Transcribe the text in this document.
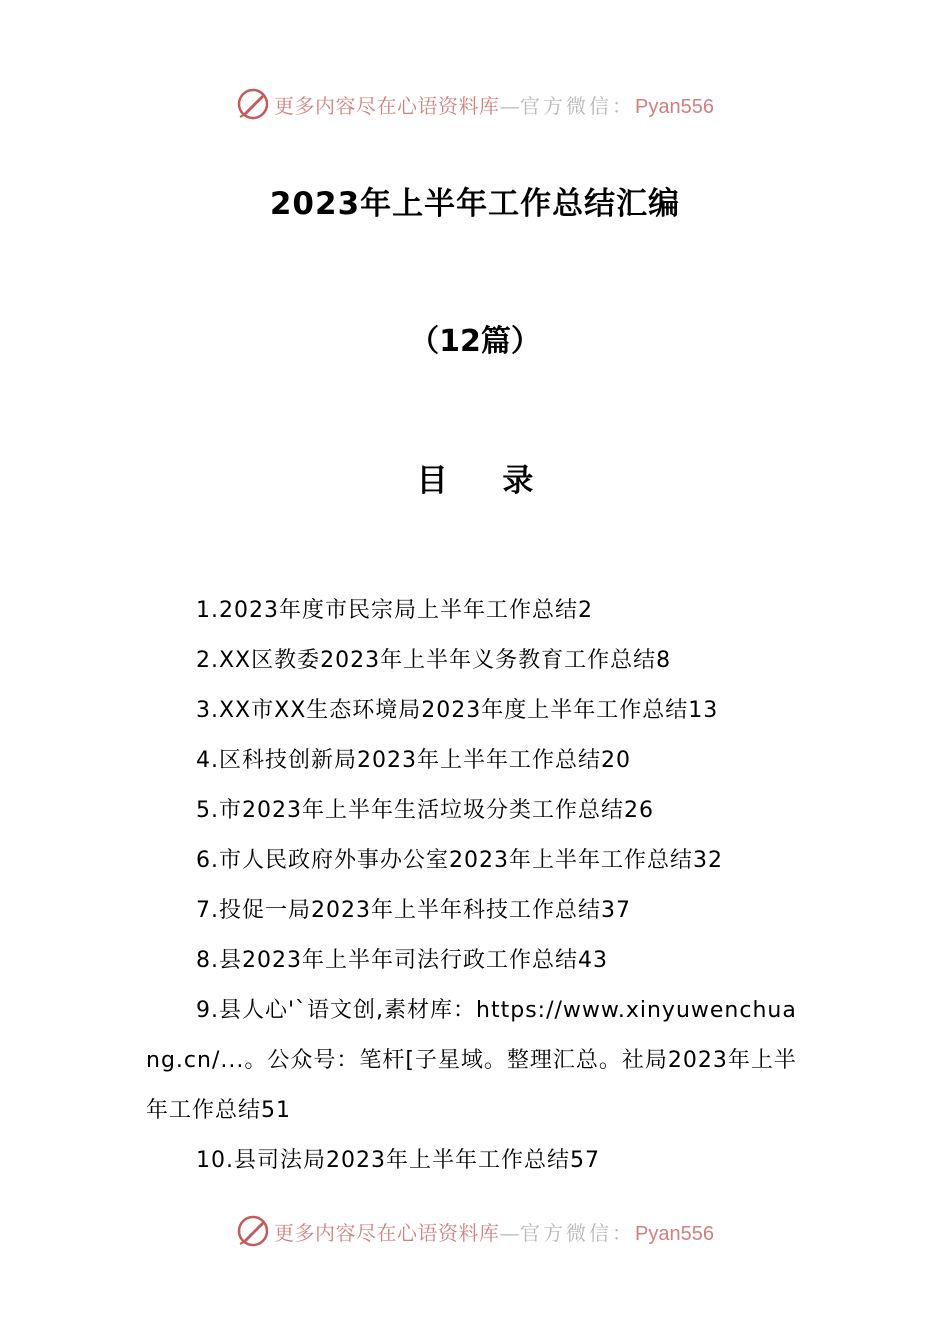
更多内容尽在心语资料库—官方微信：Pyan556
2023年上半年工作总结汇编
（12篇）
目 录
1.2023年度市民宗局上半年工作总结2
2.XX区教委2023年上半年义务教育工作总结8
3.XX市XX生态环境局2023年度上半年工作总结13
4.区科技创新局2023年上半年工作总结20
5.市2023年上半年生活垃圾分类工作总结26
6.市人民政府外事办公室2023年上半年工作总结32
7.投促一局2023年上半年科技工作总结37
8.县2023年上半年司法行政工作总结43
9.县人心'`语文创,素材库：https://www.xinyuwenchuang.cn/...。公众号：笔杆[子星域。整理汇总。社局2023年上半年工作总结51
10.县司法局2023年上半年工作总结57
更多内容尽在心语资料库—官方微信：Pyan556
